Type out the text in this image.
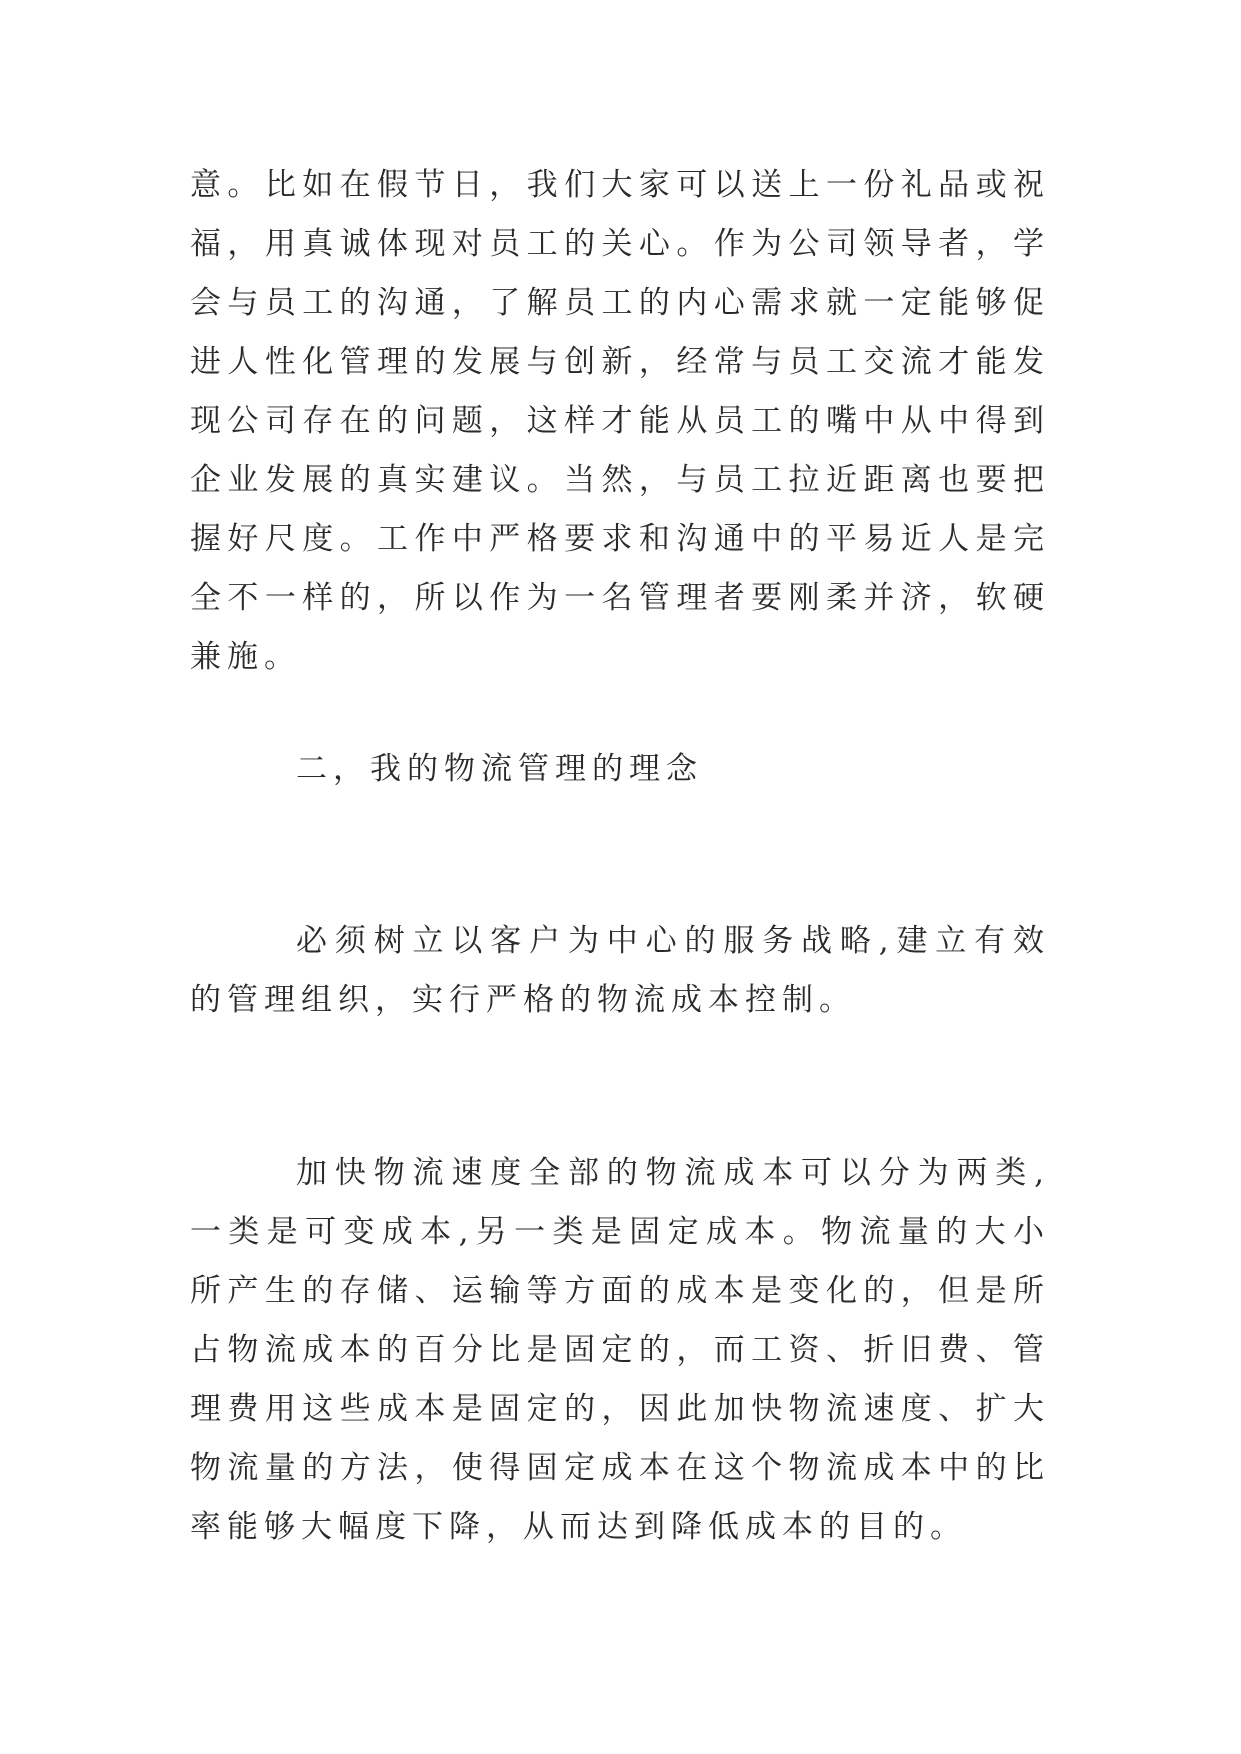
意。比如在假节日，我们大家可以送上一份礼品或祝福，用真诚体现对员工的关心。作为公司领导者，学会与员工的沟通，了解员工的内心需求就一定能够促进人性化管理的发展与创新，经常与员工交流才能发现公司存在的问题，这样才能从员工的嘴中从中得到企业发展的真实建议。当然，与员工拉近距离也要把握好尺度。工作中严格要求和沟通中的平易近人是完全不一样的，所以作为一名管理者要刚柔并济，软硬兼施。

二，我的物流管理的理念

必须树立以客户为中心的服务战略,建立有效的管理组织，实行严格的物流成本控制。

加快物流速度全部的物流成本可以分为两类,一类是可变成本,另一类是固定成本。物流量的大小所产生的存储、运输等方面的成本是变化的，但是所占物流成本的百分比是固定的，而工资、折旧费、管理费用这些成本是固定的，因此加快物流速度、扩大物流量的方法，使得固定成本在这个物流成本中的比率能够大幅度下降，从而达到降低成本的目的。
